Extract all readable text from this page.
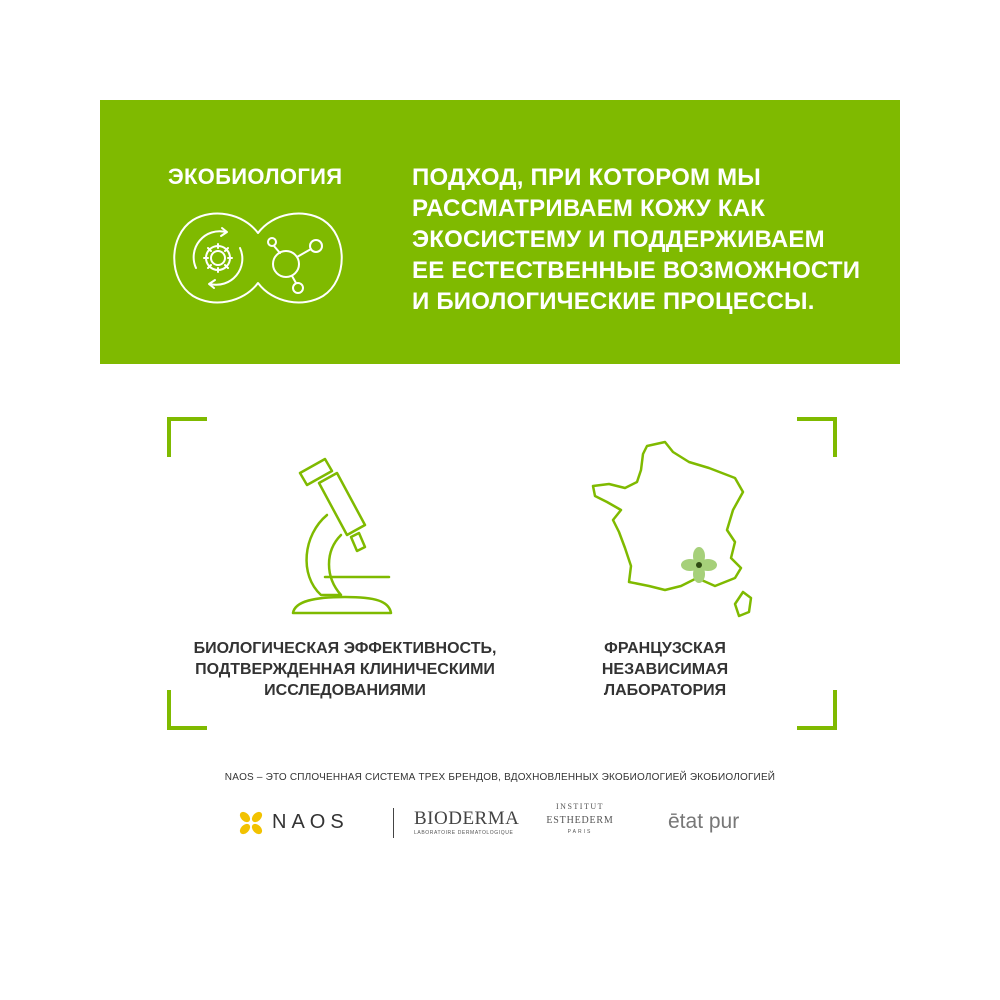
ЭКОБИОЛОГИЯ	ПОДХОД, ПРИ КОТОРОМ МЫ
РАССМАТРИВАЕМ КОЖУ КАК
ЭКОСИСТЕМУ И ПОДДЕРЖИВАЕМ
ЕЕ ЕСТЕСТВЕННЫЕ ВОЗМОЖНОСТИ
И БИОЛОГИЧЕСКИЕ ПРОЦЕССЫ.
БИОЛОГИЧЕСКАЯ ЭФФЕКТИВНОСТЬ,
ПОДТВЕРЖДЕННАЯ КЛИНИЧЕСКИМИ
ИССЛЕДОВАНИЯМИ
ФРАНЦУЗСКАЯ
НЕЗАВИСИМАЯ
ЛАБОРАТОРИЯ
NAOS – ЭТО СПЛОЧЕННАЯ СИСТЕМА ТРЕХ БРЕНДОВ, ВДОХНОВЛЕННЫХ ЭКОБИОЛОГИЕЙ ЭКОБИОЛОГИЕЙ
NAOS	BIODERMA
LABORATOIRE DERMATOLOGIQUE
INSTITUT
ESTHEDERM
PARIS	ētat pur
